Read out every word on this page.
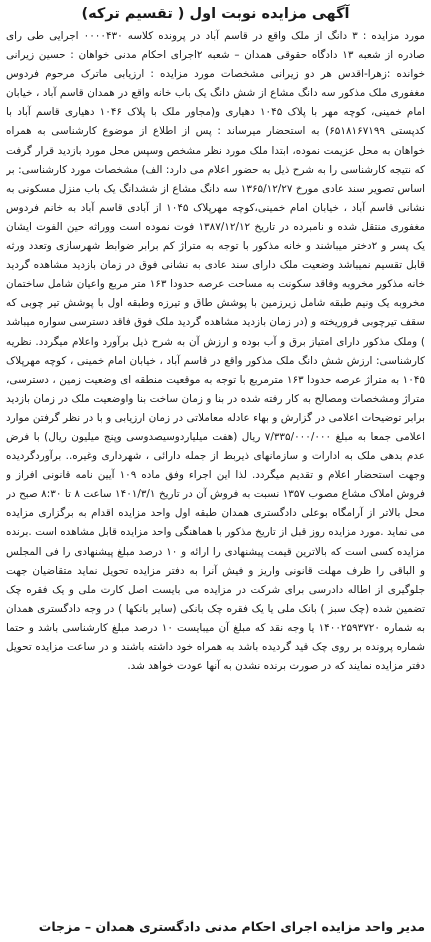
آگهی مزایده نوبت اول ( تقسیم ترکه)

مورد مزایده : ۳ دانگ از ملک واقع در قاسم آباد در پرونده کلاسه ۰۰۰۰۴۳۰ اجرایی طی رای صادره از شعبه ۱۳ دادگاه حقوقی همدان – شعبه ۲اجرای احکام مدنی خواهان : حسین زیرانی خوانده :زهرا-اقدس هر دو زیرانی مشخصات مورد مزایده : ارزیابی ماترک مرحوم فردوس مغفوری ملک مذکور سه دانگ مشاع از شش دانگ یک باب خانه واقع در همدان قاسم آباد ، خیابان امام خمینی، کوچه مهر با پلاک ۱۰۴۵ دهیاری و(مجاور ملک با پلاک ۱۰۴۶ دهیاری قاسم آباد با کدپستی ۶۵۱۸۱۶۷۱۹۹) به استحضار میرساند : پس از اطلاع از موضوع کارشناسی به همراه خواهان به محل عزیمت نموده، ابتدا ملک مورد نظر مشخص وسپس محل مورد بازدید قرار گرفت که نتیجه کارشناسی را به شرح ذیل به حضور اعلام می دارد: الف) مشخصات مورد کارشناسی: بر اساس تصویر سند عادی مورخ ۱۳۶۵/۱۲/۲۷ سه دانگ مشاع از ششدانگ یک باب منزل مسکونی به نشانی قاسم آباد ، خیابان امام خمینی،کوچه مهرپلاک ۱۰۴۵ از آبادی قاسم آباد به خانم فردوس مغفوری منتقل شده و نامبرده در تاریخ ۱۳۸۷/۱۲/۱۲ فوت نموده است ووراثه حین الفوت ایشان یک پسر و ۲دختر میباشند و خانه مذکور با توجه به متراژ کم برابر ضوابط شهرسازی وتعدد ورثه قابل تقسیم نمیباشد وضعیت ملک دارای سند عادی به نشانی فوق در زمان بازدید مشاهده گردید خانه مذکور مخروبه وفاقد سکونت به مساحت عرصه حدودا ۱۶۳ متر مربع واعیان شامل ساختمان مخروبه یک ونیم طبقه شامل زیرزمین با پوشش طاق و تیرزه وطبقه اول با پوشش تیر چوبی که سقف تیرچوبی فروریخته و (در زمان بازدید مشاهده گردید ملک فوق فاقد دسترسی سواره میباشد ) وملک مذکور دارای امتیاز برق و آب بوده و ارزش آن به شرح ذیل برآورد واعلام میگردد. نظریه کارشناسی: ارزش شش دانگ ملک مذکور واقع در قاسم آباد ، خیابان امام خمینی ، کوچه مهرپلاک ۱۰۴۵ به متراژ عرصه حدودا ۱۶۳ مترمربع با توجه به موقعیت منطقه ای وضعیت زمین ، دسترسی، متراژ ومشخصات ومصالح به کار رفته شده در بنا و زمان ساخت بنا واوضعیت ملک در زمان بازدید برابر توضیحات اعلامی در گزارش و بهاء عادله معاملاتی در زمان ارزیابی و با در نظر گرفتن موارد اعلامی جمعا به مبلغ ۷/۳۳۵/۰۰۰/۰۰۰ ریال (هفت میلیاردوسیصدوسی وپنج میلیون ریال) با فرض عدم بدهی ملک به ادارات و سازمانهای ذیربط از جمله دارائی ، شهرداری وغیره.. برآوردگردیده وجهت استحضار اعلام و تقدیم میگردد. لذا این اجراء وفق ماده ۱۰۹ آیین نامه قانونی افراز و فروش املاک مشاع مصوب ۱۳۵۷ نسبت به فروش آن در تاریخ ۱۴۰۱/۳/۱ ساعت ۸ تا ۸:۳۰ صبح در محل بالاتر از آرامگاه بوعلی دادگستری همدان طبقه اول واحد مزایده اقدام به برگزاری مزایده می نماید .مورد مزایده روز قبل از تاریخ مذکور با هماهنگی واحد مزایده قابل مشاهده است .برنده مزایده کسی است که بالاترین قیمت پیشنهادی را ارائه و ۱۰ درصد مبلغ پیشنهادی را فی المجلس و الباقی را ظرف مهلت قانونی واریز و فیش آنرا به دفتر مزایده تحویل نماید متقاضیان جهت جلوگیری از اطاله دادرسی برای شرکت در مزایده می بایست اصل کارت ملی و یک فقره چک تضمین شده (چک سبز ) بانک ملی یا یک فقره چک بانکی (سایر بانکها ) در وجه دادگستری همدان به شماره ۱۴۰۰۲۵۹۳۷۲۰ یا وجه نقد که مبلغ آن میبایست ۱۰ درصد مبلغ کارشناسی باشد و حتما شماره پرونده بر روی چک قید گردیده باشد به همراه خود داشته باشند و در ساعت مزایده تحویل دفتر مزایده نمایند که در صورت برنده نشدن به آنها عودت خواهد شد.

مدیر واحد مزایده اجرای احکام مدنی دادگستری همدان – مزجات
